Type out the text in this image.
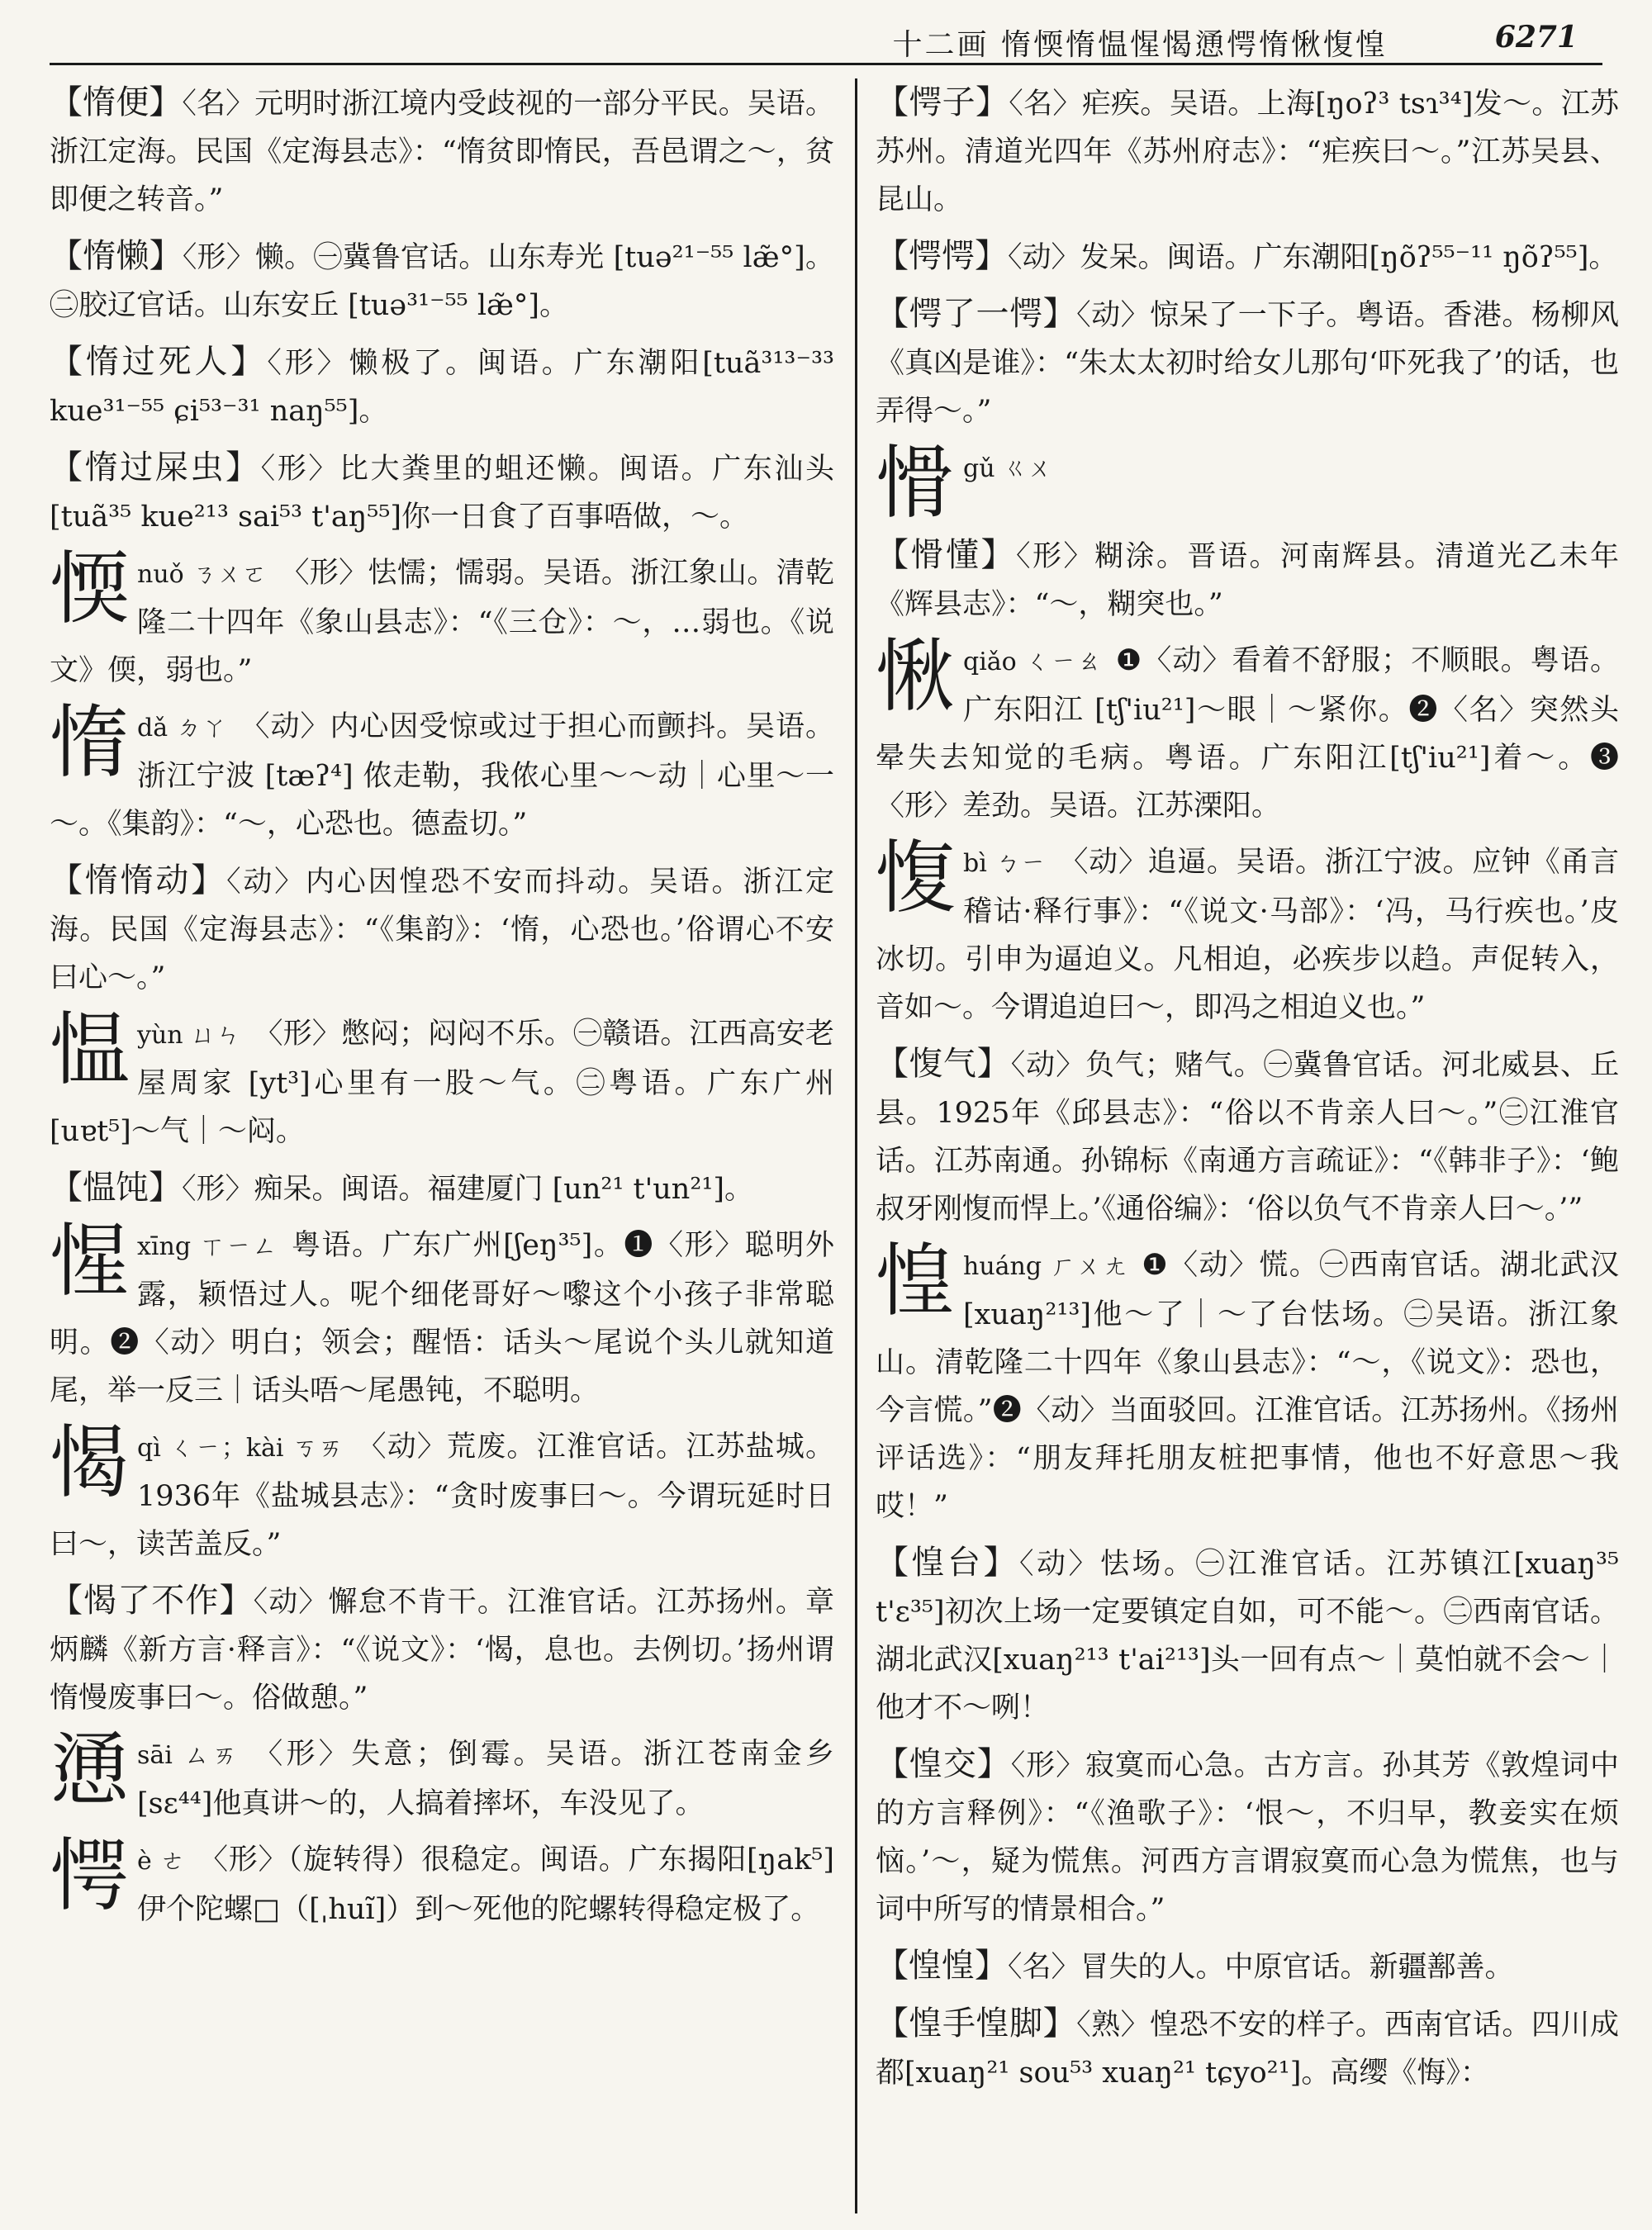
十二画 惰愞惰愠惺愒慂愕惰愀愎惶	6271
【惰便】〈名〉元明时浙江境内受歧视的一部分平民。吴语。浙江定海。民国《定海县志》：“惰贫即惰民，吾邑谓之～，贫即便之转音。”
【惰懒】〈形〉懒。㊀冀鲁官话。山东寿光 [tuə²¹⁻⁵⁵ læ̃°]。㊁胶辽官话。山东安丘 [tuə³¹⁻⁵⁵ læ̃°]。
【惰过死人】〈形〉懒极了。闽语。广东潮阳[tuã³¹³⁻³³ kue³¹⁻⁵⁵ ɕi⁵³⁻³¹ naŋ⁵⁵]。
【惰过屎虫】〈形〉比大粪里的蛆还懒。闽语。广东汕头[tuã³⁵ kue²¹³ sai⁵³ t'aŋ⁵⁵]你一日食了百事唔做，～。
愞 nuǒ ㄋㄨㄛ 〈形〉怯懦；懦弱。吴语。浙江象山。清乾隆二十四年《象山县志》：“《三仓》：～，…弱也。《说文》偄，弱也。”
惰 dǎ ㄉㄚ 〈动〉内心因受惊或过于担心而颤抖。吴语。浙江宁波 [tæʔ⁴] 侬走勒，我侬心里～～动｜心里～一～。《集韵》：“～，心恐也。德盍切。”
【惰惰动】〈动〉内心因惶恐不安而抖动。吴语。浙江定海。民国《定海县志》：“《集韵》：‘惰，心恐也。’俗谓心不安曰心～。”
愠 yùn ㄩㄣ 〈形〉憋闷；闷闷不乐。㊀赣语。江西高安老屋周家 [yt³]心里有一股～气。㊁粤语。广东广州[uɐt⁵]～气｜～闷。
【愠饨】〈形〉痴呆。闽语。福建厦门 [un²¹ t'un²¹]。
惺 xīng ㄒㄧㄥ 粤语。广东广州[ʃeŋ³⁵]。❶〈形〉聪明外露，颖悟过人。呢个细佬哥好～嚟这个小孩子非常聪明。❷〈动〉明白；领会；醒悟：话头～尾说个头儿就知道尾，举一反三｜话头唔～尾愚钝，不聪明。
愒 qì ㄑㄧ；kài ㄎㄞ 〈动〉荒废。江淮官话。江苏盐城。1936年《盐城县志》：“贪时废事曰～。今谓玩延时日曰～，读苦盖反。”
【愒了不作】〈动〉懈怠不肯干。江淮官话。江苏扬州。章炳麟《新方言·释言》：“《说文》：‘愒，息也。去例切。’扬州谓惰慢废事曰～。俗做憩。”
慂 sāi ㄙㄞ 〈形〉失意；倒霉。吴语。浙江苍南金乡[sɛ⁴⁴]他真讲～的，人搞着摔坏，车没见了。
愕 è ㄜ 〈形〉（旋转得）很稳定。闽语。广东揭阳[ŋak⁵]伊个陀螺□（[ˌhuĩ]）到～死他的陀螺转得稳定极了。
【愕子】〈名〉疟疾。吴语。上海[ŋoʔ³ tsɿ³⁴]发～。江苏苏州。清道光四年《苏州府志》：“疟疾曰～。”江苏吴县、昆山。
【愕愕】〈动〉发呆。闽语。广东潮阳[ŋõʔ⁵⁵⁻¹¹ ŋõʔ⁵⁵]。
【愕了一愕】〈动〉惊呆了一下子。粤语。香港。杨柳风《真凶是谁》：“朱太太初时给女儿那句‘吓死我了’的话，也弄得～。”
愲 gǔ ㄍㄨ
【愲懂】〈形〉糊涂。晋语。河南辉县。清道光乙未年《辉县志》：“～，糊突也。”
愀 qiǎo ㄑㄧㄠ ❶〈动〉看着不舒服；不顺眼。粤语。广东阳江 [tʃ'iu²¹]～眼｜～紧你。❷〈名〉突然头晕失去知觉的毛病。粤语。广东阳江[tʃ'iu²¹]着～。❸〈形〉差劲。吴语。江苏溧阳。
愎 bì ㄅㄧ 〈动〉追逼。吴语。浙江宁波。应钟《甬言稽诂·释行事》：“《说文·马部》：‘冯，马行疾也。’皮冰切。引申为逼迫义。凡相迫，必疾步以趋。声促转入，音如～。今谓追迫曰～，即冯之相迫义也。”
【愎气】〈动〉负气；赌气。㊀冀鲁官话。河北威县、丘县。1925年《邱县志》：“俗以不肯亲人曰～。”㊁江淮官话。江苏南通。孙锦标《南通方言疏证》：“《韩非子》：‘鲍叔牙刚愎而悍上。’《通俗编》：‘俗以负气不肯亲人曰～。’”
惶 huáng ㄏㄨㄤ ❶〈动〉慌。㊀西南官话。湖北武汉[xuaŋ²¹³]他～了｜～了台怯场。㊁吴语。浙江象山。清乾隆二十四年《象山县志》：“～，《说文》：恐也，今言慌。”❷〈动〉当面驳回。江淮官话。江苏扬州。《扬州评话选》：“朋友拜托朋友桩把事情，他也不好意思～我哎！”
【惶台】〈动〉怯场。㊀江淮官话。江苏镇江[xuaŋ³⁵ t'ɛ³⁵]初次上场一定要镇定自如，可不能～。㊁西南官话。湖北武汉[xuaŋ²¹³ t'ai²¹³]头一回有点～｜莫怕就不会～｜他才不～咧！
【惶交】〈形〉寂寞而心急。古方言。孙其芳《敦煌词中的方言释例》：“《渔歌子》：‘恨～，不归早，教妾实在烦恼。’～，疑为慌焦。河西方言谓寂寞而心急为慌焦，也与词中所写的情景相合。”
【惶惶】〈名〉冒失的人。中原官话。新疆鄯善。
【惶手惶脚】〈熟〉惶恐不安的样子。西南官话。四川成都[xuaŋ²¹ sou⁵³ xuaŋ²¹ tɕyo²¹]。高缨《悔》：
